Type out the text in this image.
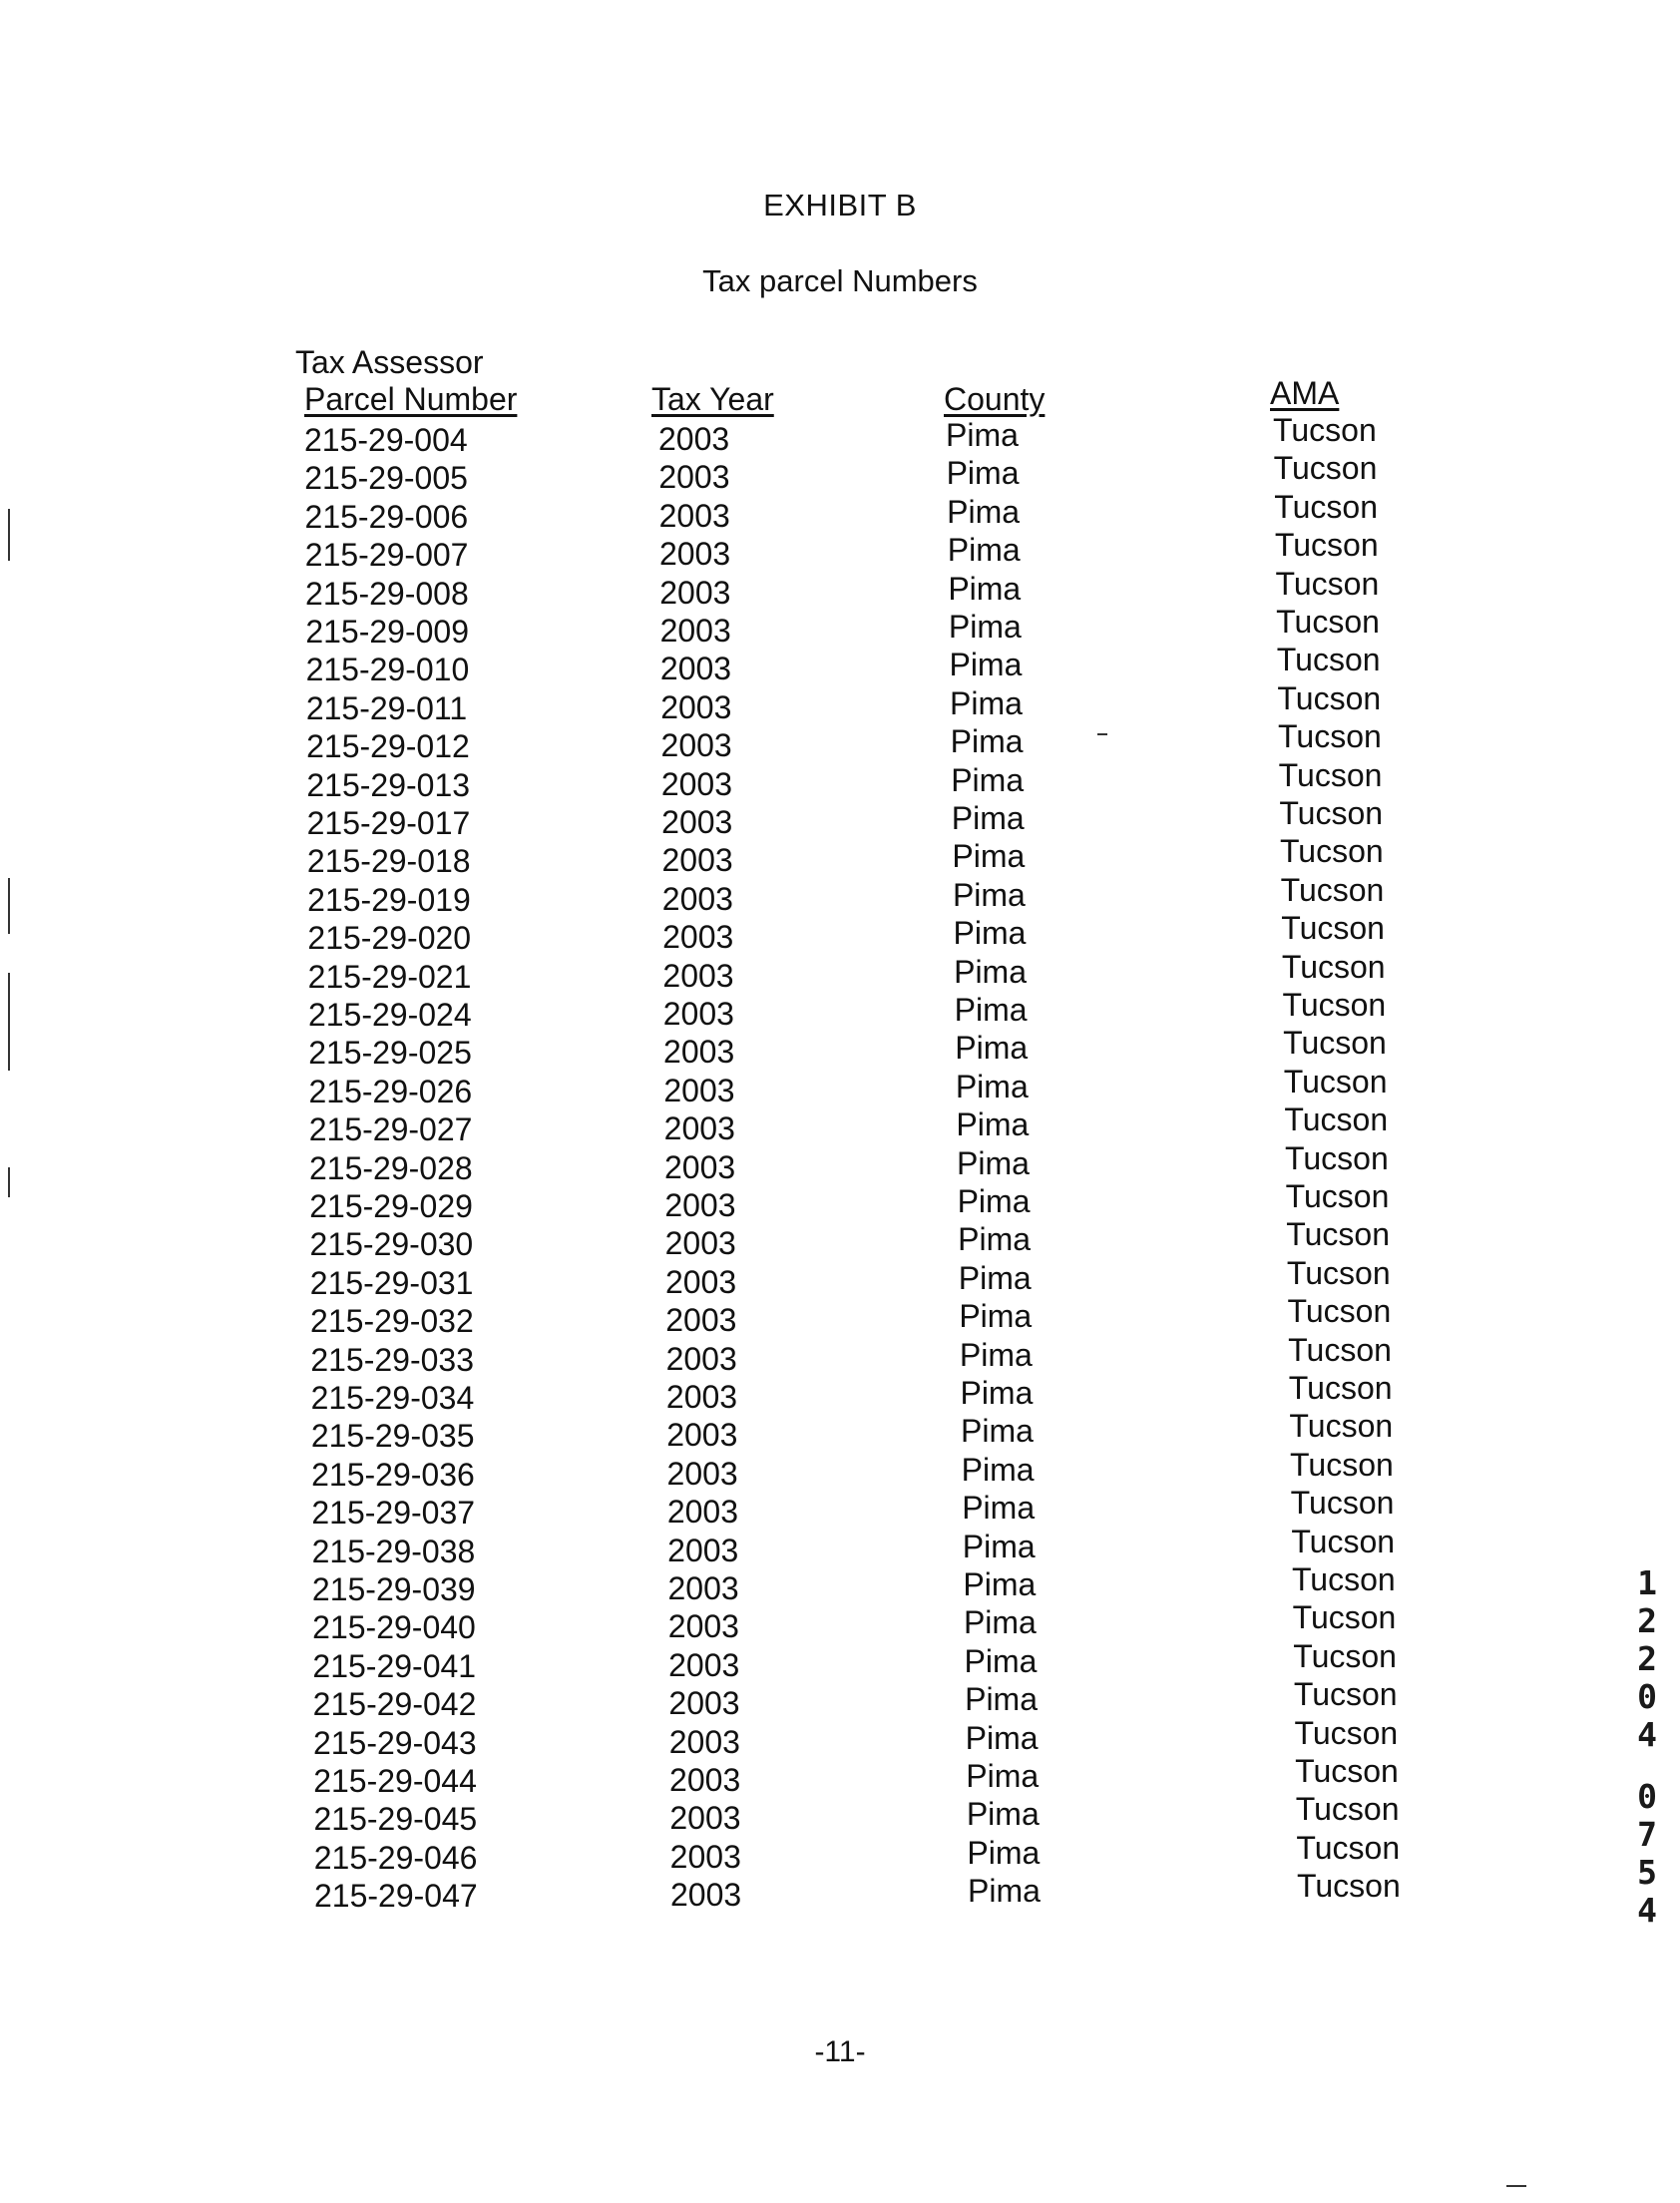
EXHIBIT B
Tax parcel Numbers
Tax Assessor
Parcel Number	Tax Year	County	AMA
215-29-004	2003	Pima	Tucson
215-29-005	2003	Pima	Tucson
215-29-006	2003	Pima	Tucson
215-29-007	2003	Pima	Tucson
215-29-008	2003	Pima	Tucson
215-29-009	2003	Pima	Tucson
215-29-010	2003	Pima	Tucson
215-29-011	2003	Pima	Tucson
215-29-012	2003	Pima	Tucson
215-29-013	2003	Pima	Tucson
215-29-017	2003	Pima	Tucson
215-29-018	2003	Pima	Tucson
215-29-019	2003	Pima	Tucson
215-29-020	2003	Pima	Tucson
215-29-021	2003	Pima	Tucson
215-29-024	2003	Pima	Tucson
215-29-025	2003	Pima	Tucson
215-29-026	2003	Pima	Tucson
215-29-027	2003	Pima	Tucson
215-29-028	2003	Pima	Tucson
215-29-029	2003	Pima	Tucson
215-29-030	2003	Pima	Tucson
215-29-031	2003	Pima	Tucson
215-29-032	2003	Pima	Tucson
215-29-033	2003	Pima	Tucson
215-29-034	2003	Pima	Tucson
215-29-035	2003	Pima	Tucson
215-29-036	2003	Pima	Tucson
215-29-037	2003	Pima	Tucson
215-29-038	2003	Pima	Tucson
215-29-039	2003	Pima	Tucson
215-29-040	2003	Pima	Tucson
215-29-041	2003	Pima	Tucson
215-29-042	2003	Pima	Tucson
215-29-043	2003	Pima	Tucson
215-29-044	2003	Pima	Tucson
215-29-045	2003	Pima	Tucson
215-29-046	2003	Pima	Tucson
215-29-047	2003	Pima	Tucson
-11-
1
2
2
0
4
0
7
5
4
